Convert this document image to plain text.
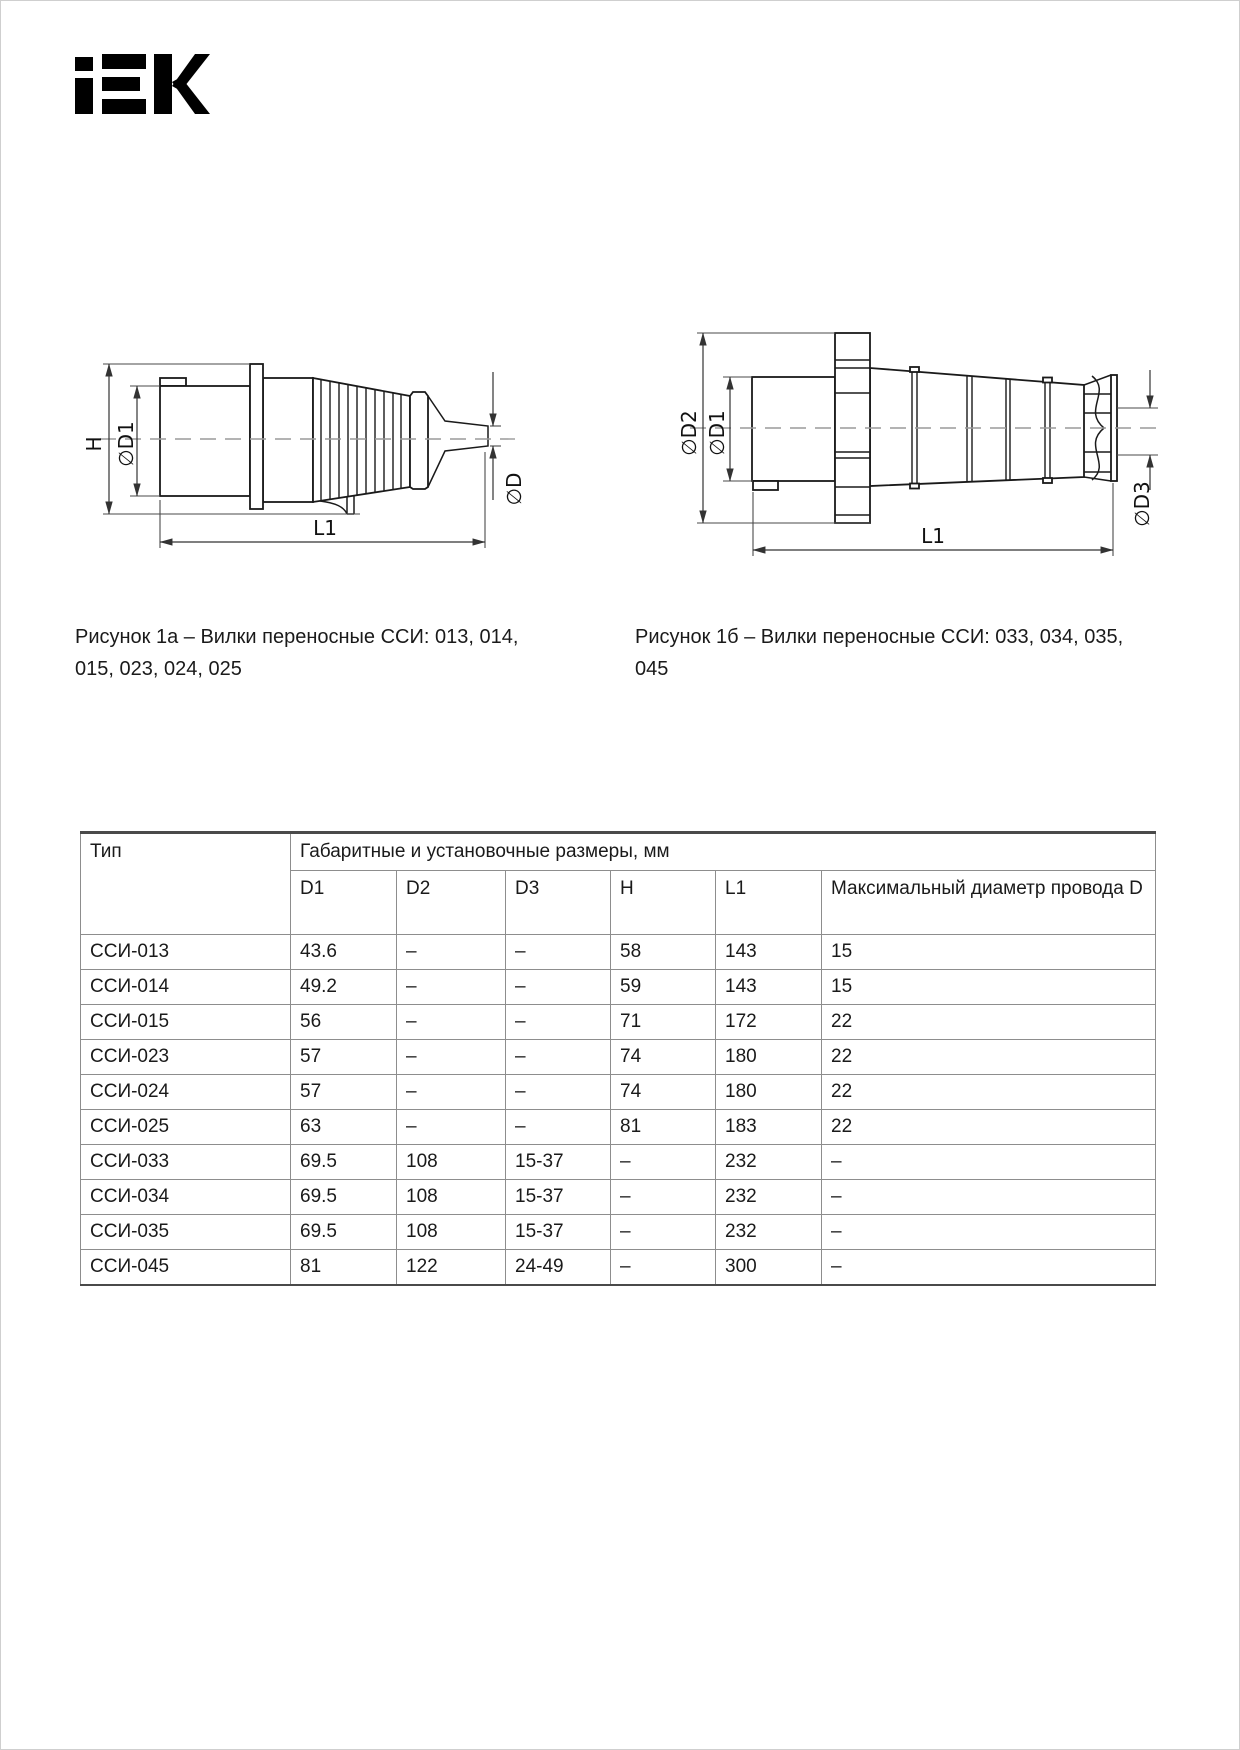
H ∅D1
∅D
L1
∅D2 ∅D1
∅D3
L1

Рисунок 1а – Вилки переносные ССИ: 013, 014, 015, 023, 024, 025

Рисунок 1б – Вилки переносные ССИ: 033, 034, 035, 045

Тип	Габаритные и установочные размеры, мм					
	D1	D2	D3	H	L1	Максимальный диаметр провода D
ССИ-013	43.6	–	–	58	143	15
ССИ-014	49.2	–	–	59	143	15
ССИ-015	56	–	–	71	172	22
ССИ-023	57	–	–	74	180	22
ССИ-024	57	–	–	74	180	22
ССИ-025	63	–	–	81	183	22
ССИ-033	69.5	108	15-37	–	232	–
ССИ-034	69.5	108	15-37	–	232	–
ССИ-035	69.5	108	15-37	–	232	–
ССИ-045	81	122	24-49	–	300	–
